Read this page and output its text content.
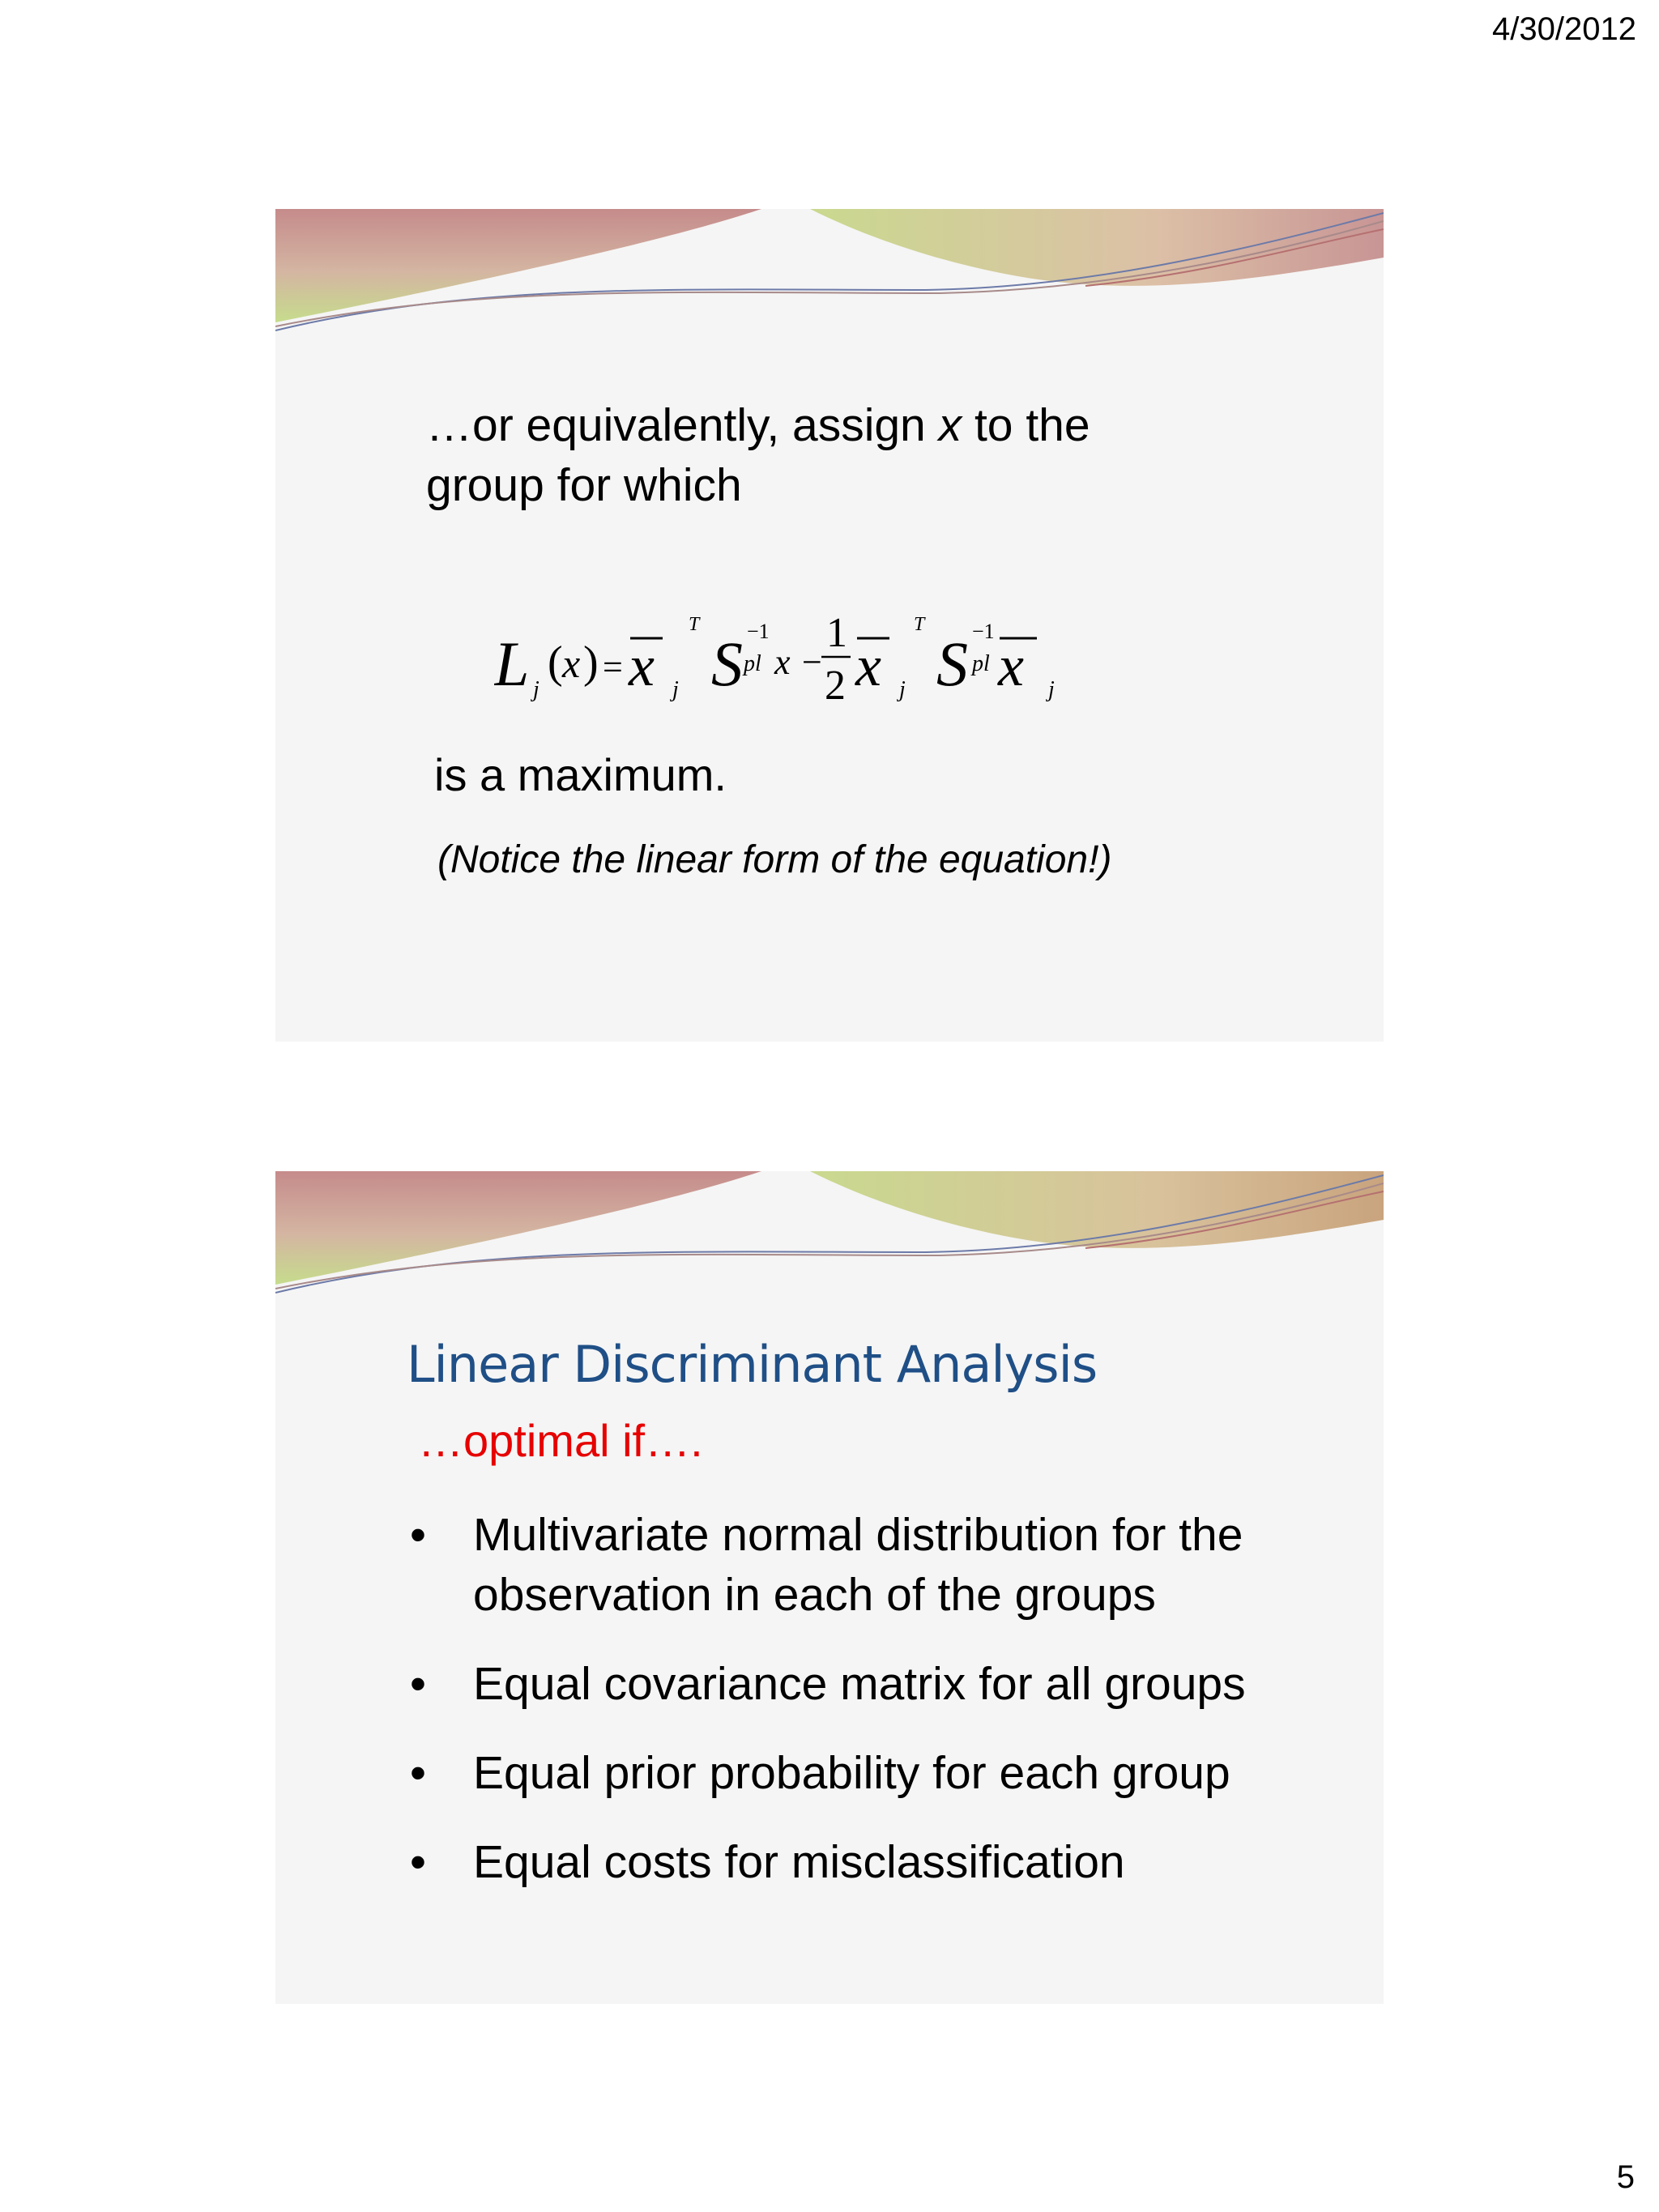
4/30/2012
…or equivalently, assign x to the
group for which
L j
( x ) = x
T
j S −1
pl x −
1
2 x
T
j S −1
pl x j
is a maximum.
(Notice the linear form of the equation!)
Linear Discriminant Analysis
…optimal if….
• Multivariate normal distribution for the observation in each of the groups
• Equal covariance matrix for all groups
• Equal prior probability for each group
• Equal costs for misclassification
5
